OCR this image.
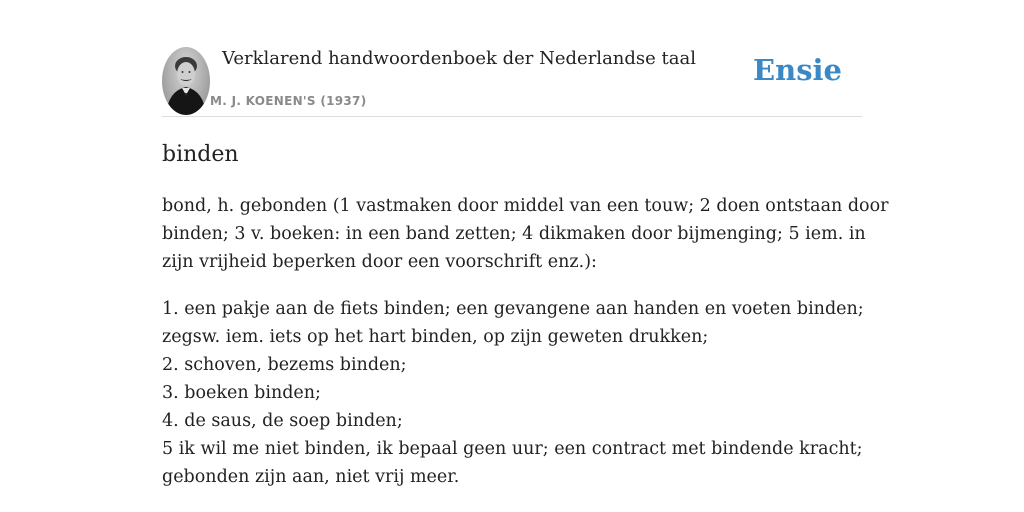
Verklarend handwoordenboek der Nederlandse taal
M. J. KOENEN'S (1937)
Ensie
binden
bond, h. gebonden (1 vastmaken door middel van een touw; 2 doen ontstaan door
binden; 3 v. boeken: in een band zetten; 4 dikmaken door bijmenging; 5 iem. in
zijn vrijheid beperken door een voorschrift enz.):
1. een pakje aan de fiets binden; een gevangene aan handen en voeten binden;
zegsw. iem. iets op het hart binden, op zijn geweten drukken;
2. schoven, bezems binden;
3. boeken binden;
4. de saus, de soep binden;
5 ik wil me niet binden, ik bepaal geen uur; een contract met bindende kracht;
gebonden zijn aan, niet vrij meer.
